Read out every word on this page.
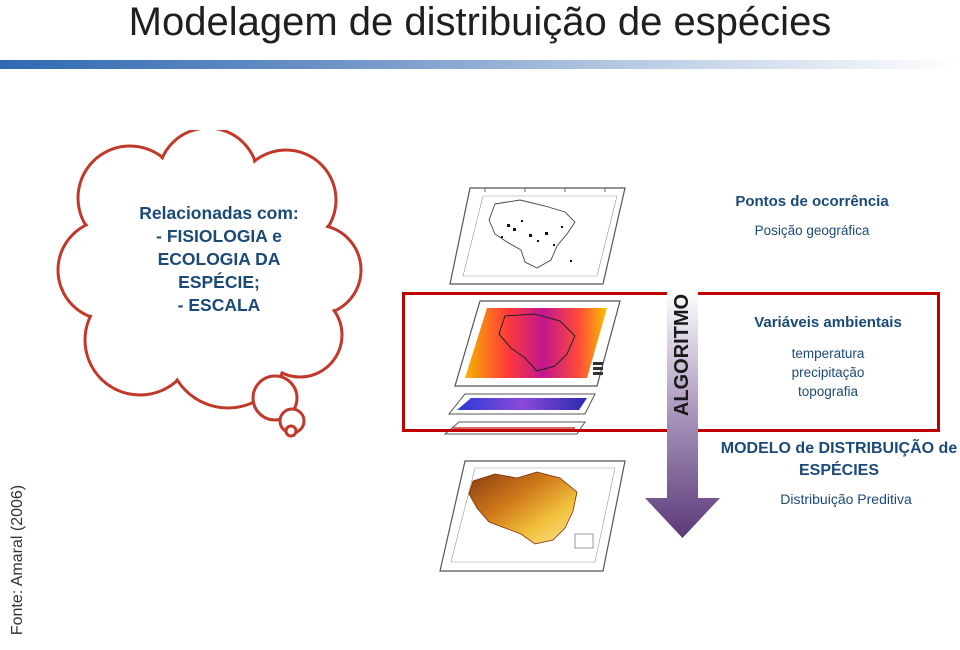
Modelagem de distribuição de espécies
Relacionadas com:
- FISIOLOGIA e
ECOLOGIA DA
ESPÉCIE;
- ESCALA	ALGORITMO
Pontos de ocorrência
Posição geográfica
Variáveis ambientais
temperatura
precipitação
topografia
MODELO de DISTRIBUIÇÃO de
ESPÉCIES
Distribuição Preditiva
Fonte: Amaral (2006)
